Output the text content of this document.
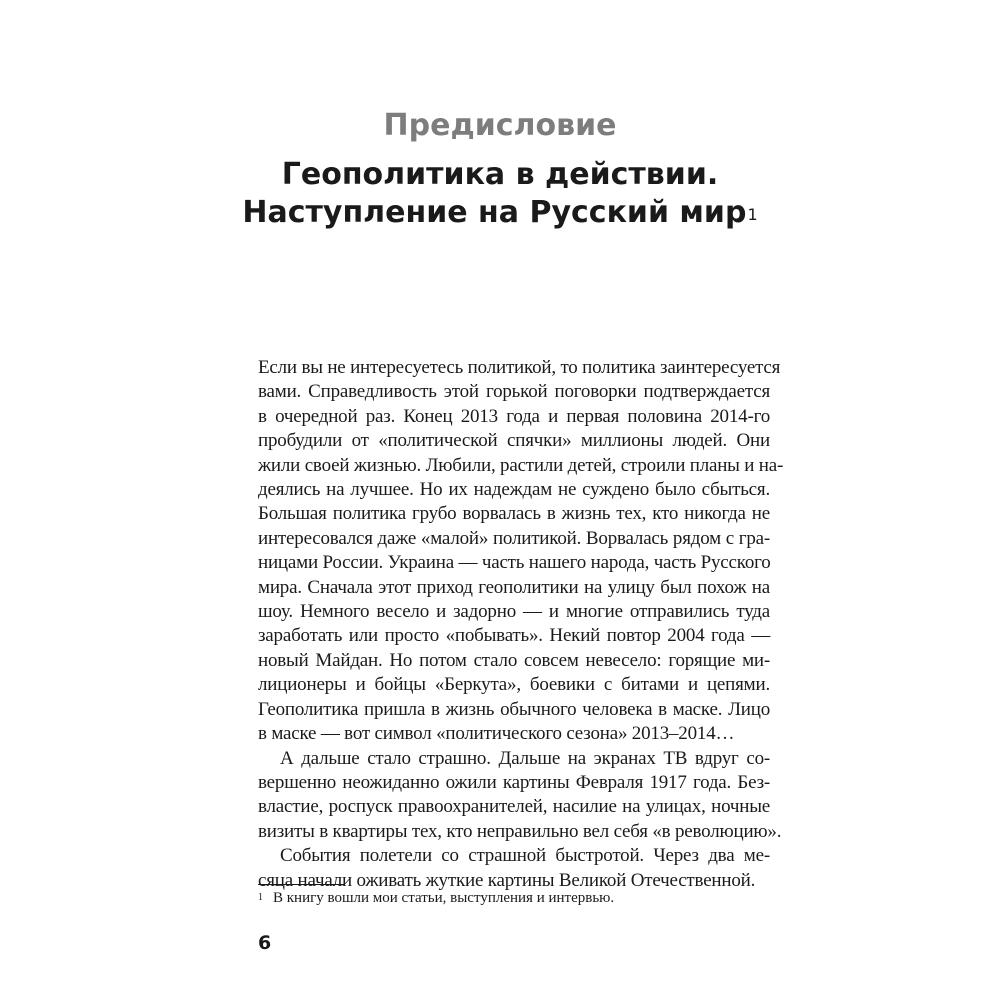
Предисловие
Геополитика в действии.
Наступление на Русский мир$^1$
Если вы не интересуетесь политикой, то политика заинтересуется
вами. Справедливость этой горькой поговорки подтверждается
в очередной раз. Конец 2013 года и первая половина 2014-го
пробудили от «политической спячки» миллионы людей. Они
жили своей жизнью. Любили, растили детей, строили планы и на-
деялись на лучшее. Но их надеждам не суждено было сбыться.
Большая политика грубо ворвалась в жизнь тех, кто никогда не
интересовался даже «малой» политикой. Ворвалась рядом с гра-
ницами России. Украина — часть нашего народа, часть Русского
мира. Сначала этот приход геополитики на улицу был похож на
шоу. Немного весело и задорно — и многие отправились туда
заработать или просто «побывать». Некий повтор 2004 года —
новый Майдан. Но потом стало совсем невесело: горящие ми-
лиционеры и бойцы «Беркута», боевики с битами и цепями.
Геополитика пришла в жизнь обычного человека в маске. Лицо
в маске — вот символ «политического сезона» 2013–2014…
А дальше стало страшно. Дальше на экранах ТВ вдруг со-
вершенно неожиданно ожили картины Февраля 1917 года. Без-
властие, роспуск правоохранителей, насилие на улицах, ночные
визиты в квартиры тех, кто неправильно вел себя «в революцию».
События полетели со страшной быстротой. Через два ме-
сяца начали оживать жуткие картины Великой Отечественной.
$^1$ В книгу вошли мои статьи, выступления и интервью.
6
